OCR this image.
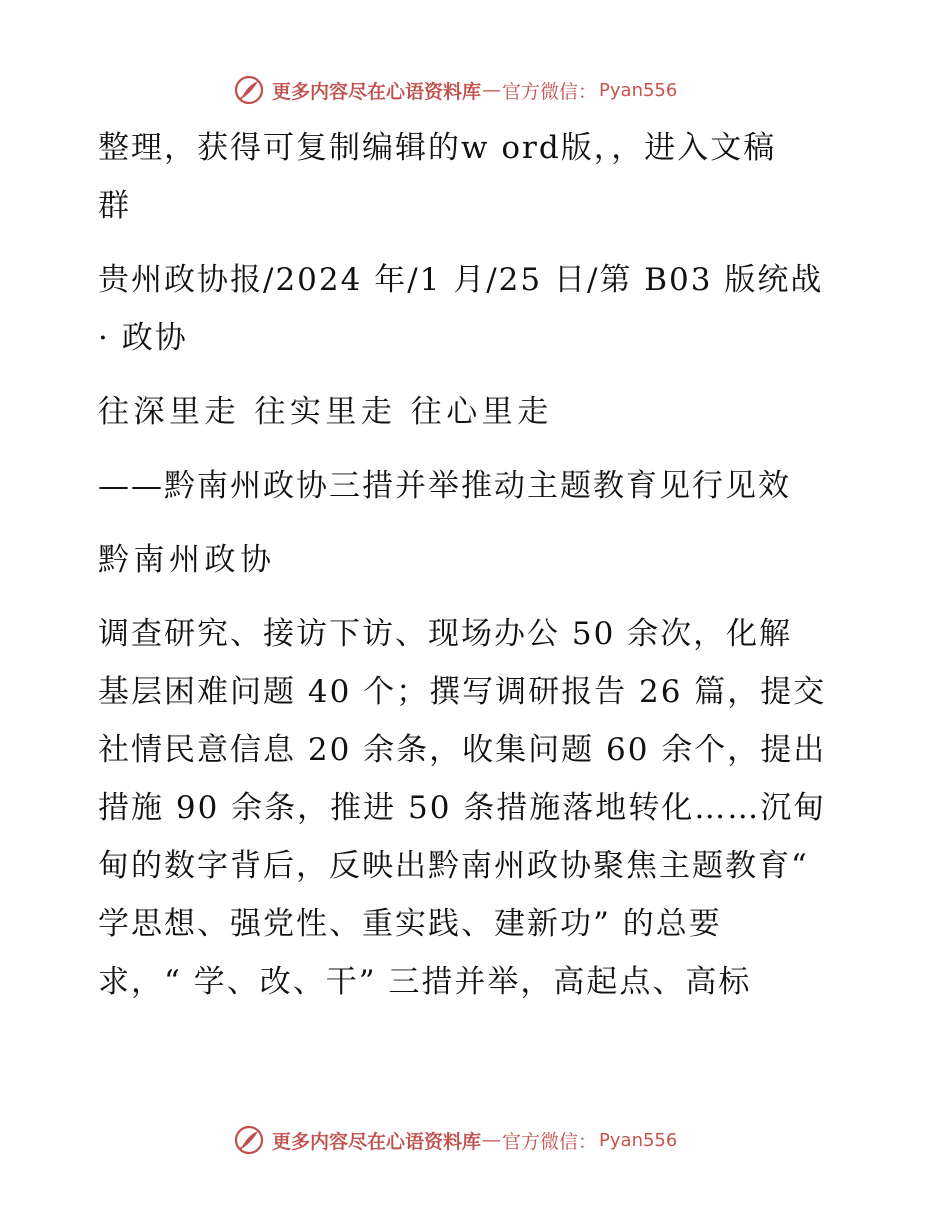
更多内容尽在心语资料库 — 官方微信： Pyan556
整理，获得可复制编辑的w ord版，，进入文稿
群
贵州政协报/2024 年/1 月/25 日/第 B03 版统战
· 政协
往深里走 往实里走 往心里走
——黔南州政协三措并举推动主题教育见行见效
黔南州政协
调查研究、接访下访、现场办公 50 余次，化解
基层困难问题 40 个；撰写调研报告 26 篇，提交
社情民意信息 20 余条，收集问题 60 余个，提出
措施 90 余条，推进 50 条措施落地转化……沉甸
甸的数字背后，反映出黔南州政协聚焦主题教育“
学思想、强党性、重实践、建新功” 的总要
求，“ 学、改、干” 三措并举，高起点、高标
更多内容尽在心语资料库 — 官方微信： Pyan556
